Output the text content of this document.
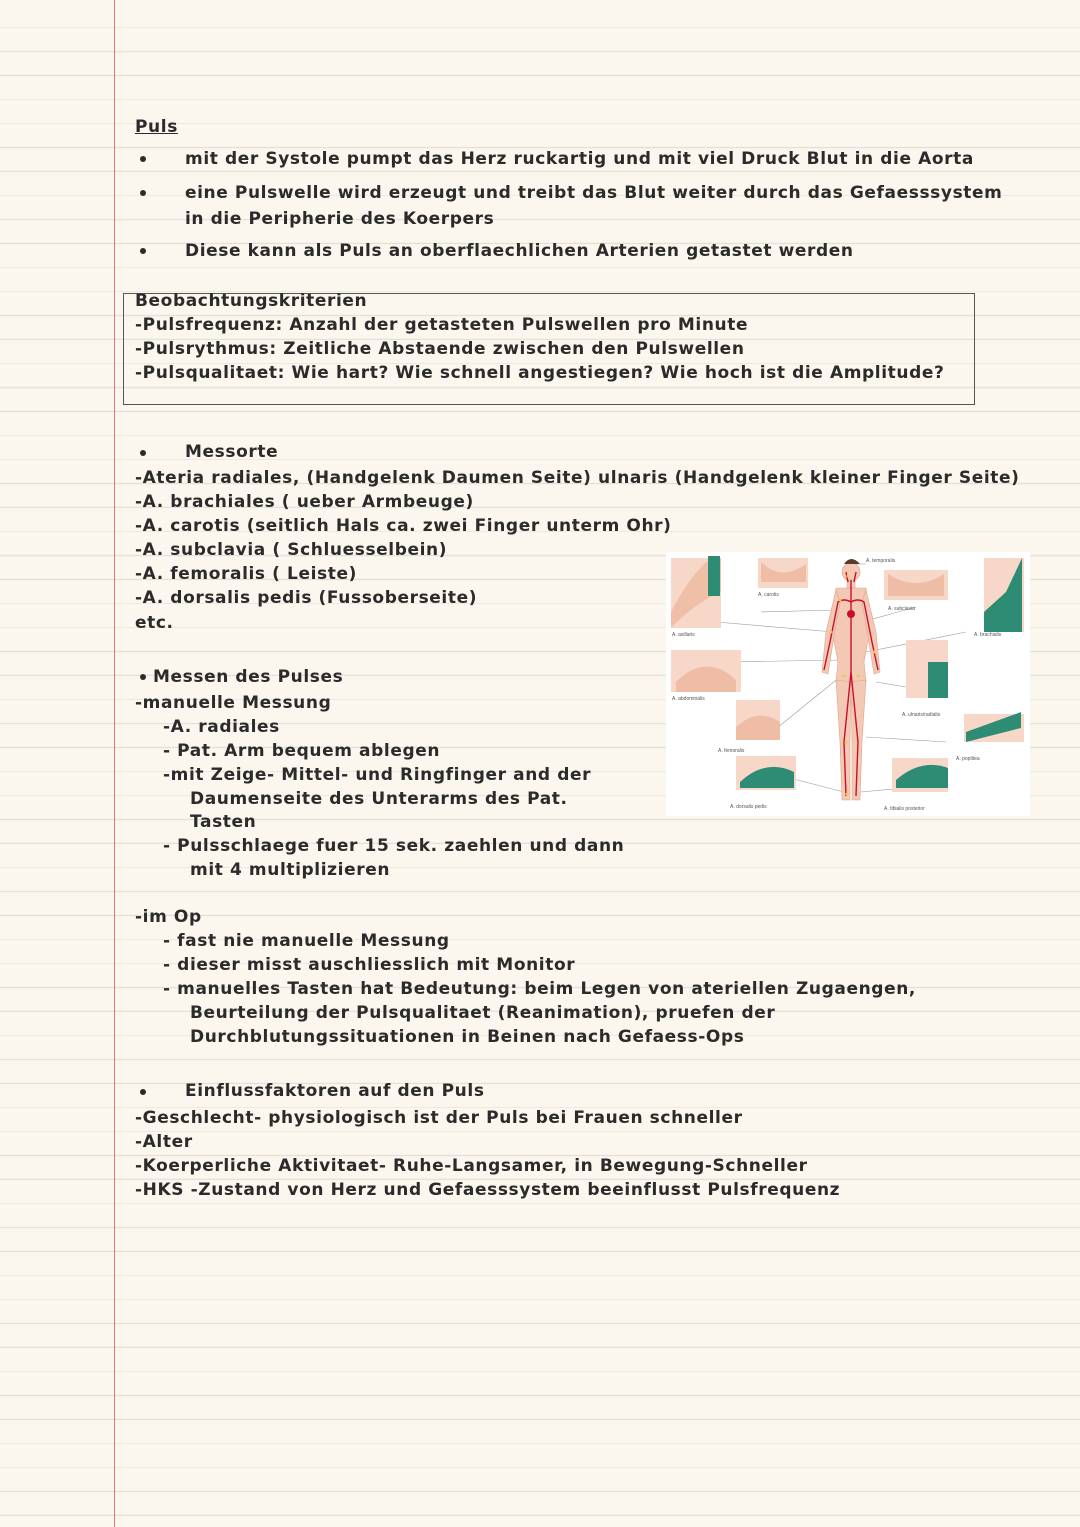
Puls
mit der Systole pumpt das Herz ruckartig und mit viel Druck Blut in die Aorta
eine Pulswelle wird erzeugt und treibt das Blut weiter durch das Gefaesssystem
in die Peripherie des Koerpers
Diese kann als Puls an oberflaechlichen Arterien getastet werden
Beobachtungskriterien
-Pulsfrequenz: Anzahl der getasteten Pulswellen pro Minute
-Pulsrythmus: Zeitliche Abstaende zwischen den Pulswellen
-Pulsqualitaet: Wie hart? Wie schnell angestiegen? Wie hoch ist die Amplitude?
Messorte
-Ateria radiales, (Handgelenk Daumen Seite) ulnaris (Handgelenk kleiner Finger Seite)
-A. brachiales ( ueber Armbeuge)
-A. carotis (seitlich Hals ca. zwei Finger unterm Ohr)
-A. subclavia ( Schluesselbein)
-A. femoralis ( Leiste)
-A. dorsalis pedis (Fussoberseite)
etc.
A. temporalis
A. carotis
A. subclavia
A. axillaris	A. brachialis
A. abdominalis
A. ulnaris/radialis
A. femoralis
A. poplitea
A. dorsalis pedis	A. tibialis posterior
Messen des Pulses
-manuelle Messung
-A. radiales
- Pat. Arm bequem ablegen
-mit Zeige- Mittel- und Ringfinger and der
Daumenseite des Unterarms des Pat.
Tasten
- Pulsschlaege fuer 15 sek. zaehlen und dann
mit 4 multiplizieren
-im Op
- fast nie manuelle Messung
- dieser misst auschliesslich mit Monitor
- manuelles Tasten hat Bedeutung: beim Legen von ateriellen Zugaengen,
Beurteilung der Pulsqualitaet (Reanimation), pruefen der
Durchblutungssituationen in Beinen nach Gefaess-Ops
Einflussfaktoren auf den Puls
-Geschlecht- physiologisch ist der Puls bei Frauen schneller
-Alter
-Koerperliche Aktivitaet- Ruhe-Langsamer, in Bewegung-Schneller
-HKS -Zustand von Herz und Gefaesssystem beeinflusst Pulsfrequenz
